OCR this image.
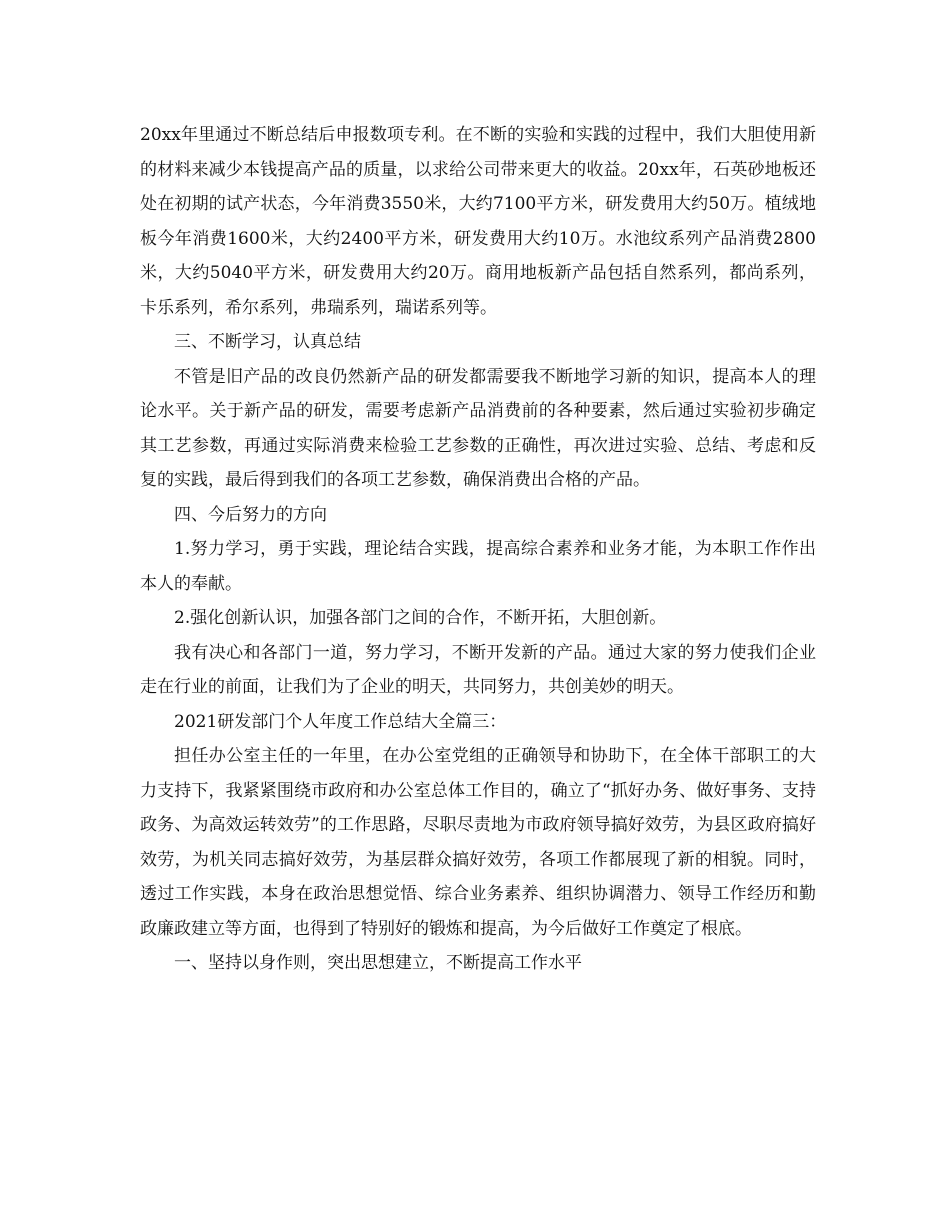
20xx年里通过不断总结后申报数项专利。在不断的实验和实践的过程中，我们大胆使用新的材料来减少本钱提高产品的质量，以求给公司带来更大的收益。20xx年，石英砂地板还处在初期的试产状态，今年消费3550米，大约7100平方米，研发费用大约50万。植绒地板今年消费1600米，大约2400平方米，研发费用大约10万。水池纹系列产品消费2800米，大约5040平方米，研发费用大约20万。商用地板新产品包括自然系列，都尚系列，卡乐系列，希尔系列，弗瑞系列，瑞诺系列等。

三、不断学习，认真总结

不管是旧产品的改良仍然新产品的研发都需要我不断地学习新的知识，提高本人的理论水平。关于新产品的研发，需要考虑新产品消费前的各种要素，然后通过实验初步确定其工艺参数，再通过实际消费来检验工艺参数的正确性，再次进过实验、总结、考虑和反复的实践，最后得到我们的各项工艺参数，确保消费出合格的产品。

四、今后努力的方向

1.努力学习，勇于实践，理论结合实践，提高综合素养和业务才能，为本职工作作出本人的奉献。

2.强化创新认识，加强各部门之间的合作，不断开拓，大胆创新。

我有决心和各部门一道，努力学习，不断开发新的产品。通过大家的努力使我们企业走在行业的前面，让我们为了企业的明天，共同努力，共创美妙的明天。

2021研发部门个人年度工作总结大全篇三：

担任办公室主任的一年里，在办公室党组的正确领导和协助下，在全体干部职工的大力支持下，我紧紧围绕市政府和办公室总体工作目的，确立了“抓好办务、做好事务、支持政务、为高效运转效劳”的工作思路，尽职尽责地为市政府领导搞好效劳，为县区政府搞好效劳，为机关同志搞好效劳，为基层群众搞好效劳，各项工作都展现了新的相貌。同时，透过工作实践，本身在政治思想觉悟、综合业务素养、组织协调潜力、领导工作经历和勤政廉政建立等方面，也得到了特别好的锻炼和提高，为今后做好工作奠定了根底。

一、坚持以身作则，突出思想建立，不断提高工作水平
